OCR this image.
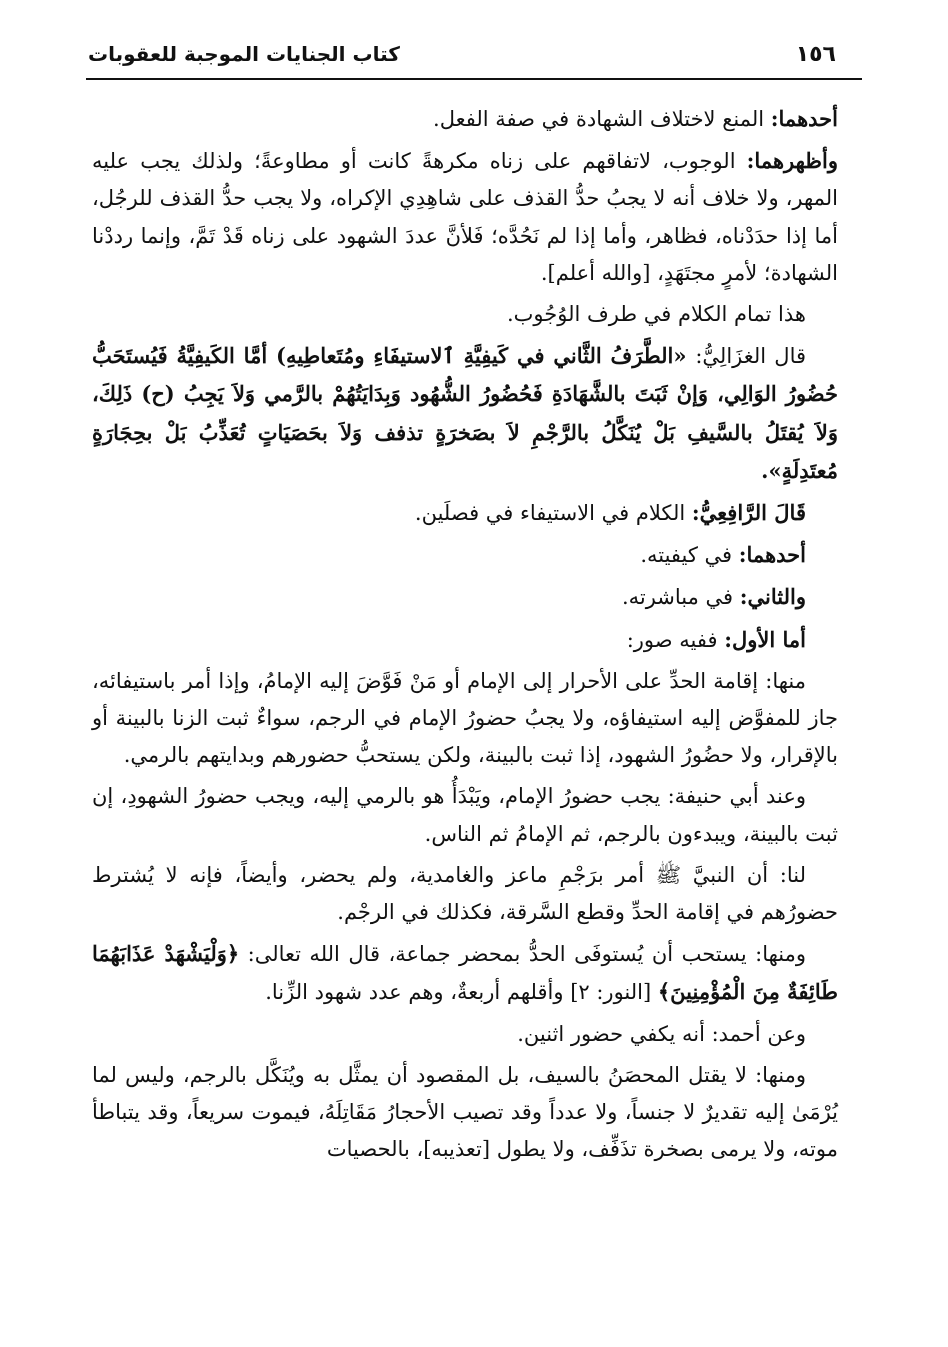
١٥٦
كتاب الجنايات الموجبة للعقوبات

أحدهما: المنع لاختلاف الشهادة في صفة الفعل.

وأظهرهما: الوجوب، لاتفاقهم على زناه مكرهةً كانت أو مطاوعةً؛ ولذلك يجب عليه المهر، ولا خلاف أنه لا يجبُ حدُّ القذف على شاهِدِي الإكراه، ولا يجب حدُّ القذف للرجُل، أما إذا حدَدْناه، فظاهر، وأما إذا لم نَحُدَّه؛ فَلأنَّ عددَ الشهود على زناه قَدْ تَمَّ، وإنما رددْنا الشهادة؛ لأمرٍ مجتَهَدٍ، [والله أعلم].

هذا تمام الكلام في طرف الوُجُوب.

قال الغزَالِيُّ: «الطَّرَفُ الثَّاني في كَيفِيَّةِ ٱلاستيفَاءِ ومُتَعاطِيهِ) أمَّا الكَيفِيَّةُ فَيُستَحَبُّ حُضُورُ الوَالِي، وَإنْ ثَبَتَ بالشَّهَادَةِ فَحُضُورُ الشُّهُود وَبِدَايَتُهُمْ بالرَّمي وَلاَ يَجِبُ (ح) ذَلِكَ، وَلاَ يُقتَلُ بالسَّيفِ بَلْ يُنَكَّلُ بالرَّجْمِ لاَ بصَخرَةٍ تذفف وَلاَ بحَصَيَاتٍ تُعَذِّبُ بَلْ بحِجَارَةٍ مُعتَدِلَةٍ».

قَالَ الرَّافِعِيُّ: الكلام في الاستيفاء في فصلَين.

أحدهما: في كيفيته.

والثاني: في مباشرته.

أما الأول: ففيه صور:

منها: إقامة الحدِّ على الأحرار إلى الإمام أو مَنْ فَوَّضَ إليه الإمامُ، وإذا أمر باستيفائه، جاز للمفوَّض إليه استيفاؤه، ولا يجبُ حضورُ الإمام في الرجم، سواءٌ ثبت الزنا بالبينة أو بالإقرار، ولا حضُورُ الشهود، إذا ثبت بالبينة، ولكن يستحبُّ حضورهم وبدايتهم بالرمي.

وعند أبي حنيفة: يجب حضورُ الإمام، ويَبْدَأُ هو بالرمي إليه، ويجب حضورُ الشهودِ، إن ثبت بالبينة، ويبدءون بالرجم، ثم الإمامُ ثم الناس.

لنا: أن النبيَّ ﷺ أمر برَجْمِ ماعز والغامدية، ولم يحضر، وأيضاً، فإنه لا يُشترط حضورُهم في إقامة الحدِّ وقطع السَّرقة، فكذلك في الرجْم.

ومنها: يستحب أن يُستوفَى الحدُّ بمحضر جماعة، قال الله تعالى: ﴿وَلْيَشْهَدْ عَذَابَهُمَا طَائِفَةٌ مِنَ الْمُؤْمِنِينَ﴾ [النور: ٢] وأقلهم أربعةٌ، وهم عدد شهود الزِّنا.

وعن أحمد: أنه يكفي حضور اثنين.

ومنها: لا يقتل المحصَنُ بالسيف، بل المقصود أن يمثَّل به ويُنَكَّل بالرجم، وليس لما يُرْمَىٰ إليه تقديرٌ لا جنساً، ولا عدداً وقد تصيب الأحجارُ مَقَاتِلَهُ، فيموت سريعاً، وقد يتباطأ موته، ولا يرمى بصخرة تذَفِّف، ولا يطول [تعذيبه]، بالحصيات
